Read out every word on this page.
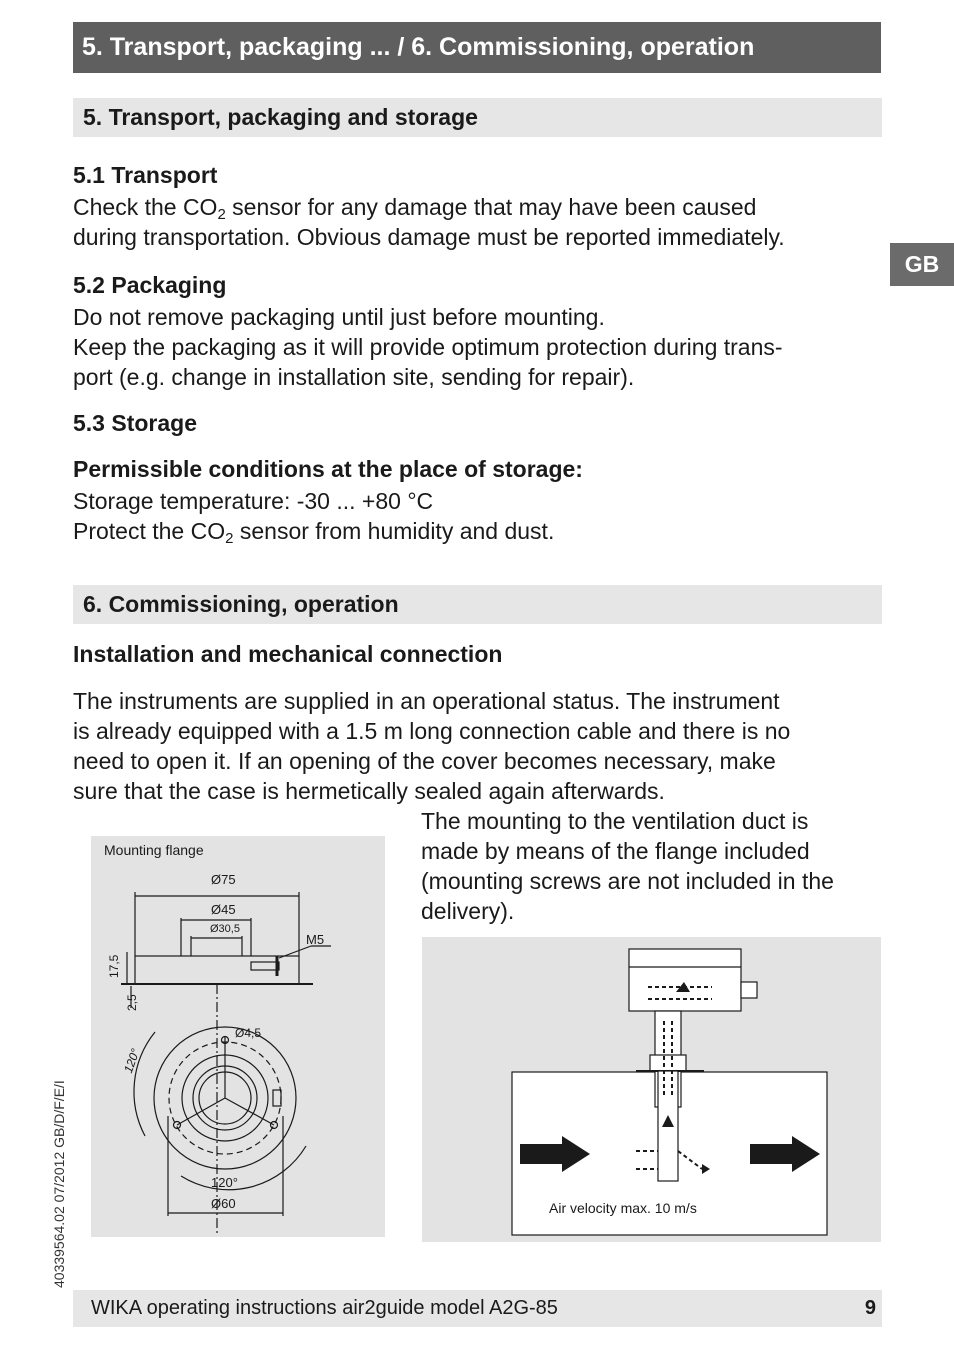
5. Transport, packaging ... / 6. Commissioning, operation
GB
40339564.02 07/2012 GB/D/F/E/I
5. Transport, packaging and storage
5.1 Transport
Check the $CO_2$ sensor for any damage that may have been caused
during transportation. Obvious damage must be reported immediately.
5.2 Packaging
Do not remove packaging until just before mounting.
Keep the packaging as it will provide optimum protection during trans-
port (e.g. change in installation site, sending for repair).
5.3 Storage
Permissible conditions at the place of storage:
Storage temperature: -30 ... +80 °C
Protect the $CO_2$ sensor from humidity and dust.
6. Commissioning, operation
Installation and mechanical connection
The instruments are supplied in an operational status. The instrument
is already equipped with a 1.5 m long connection cable and there is no
need to open it. If an opening of the cover becomes necessary, make
sure that the case is hermetically sealed again afterwards.
The mounting to the ventilation duct is
made by means of the flange included
(mounting screws are not included in the
delivery).
Mounting flange
Ø75
Ø45
Ø30,5
M5
17,5
2,5
Ø4,5
120°
120°
Ø60	Air velocity max. 10 m/s
WIKA operating instructions air2guide model A2G-85	9
